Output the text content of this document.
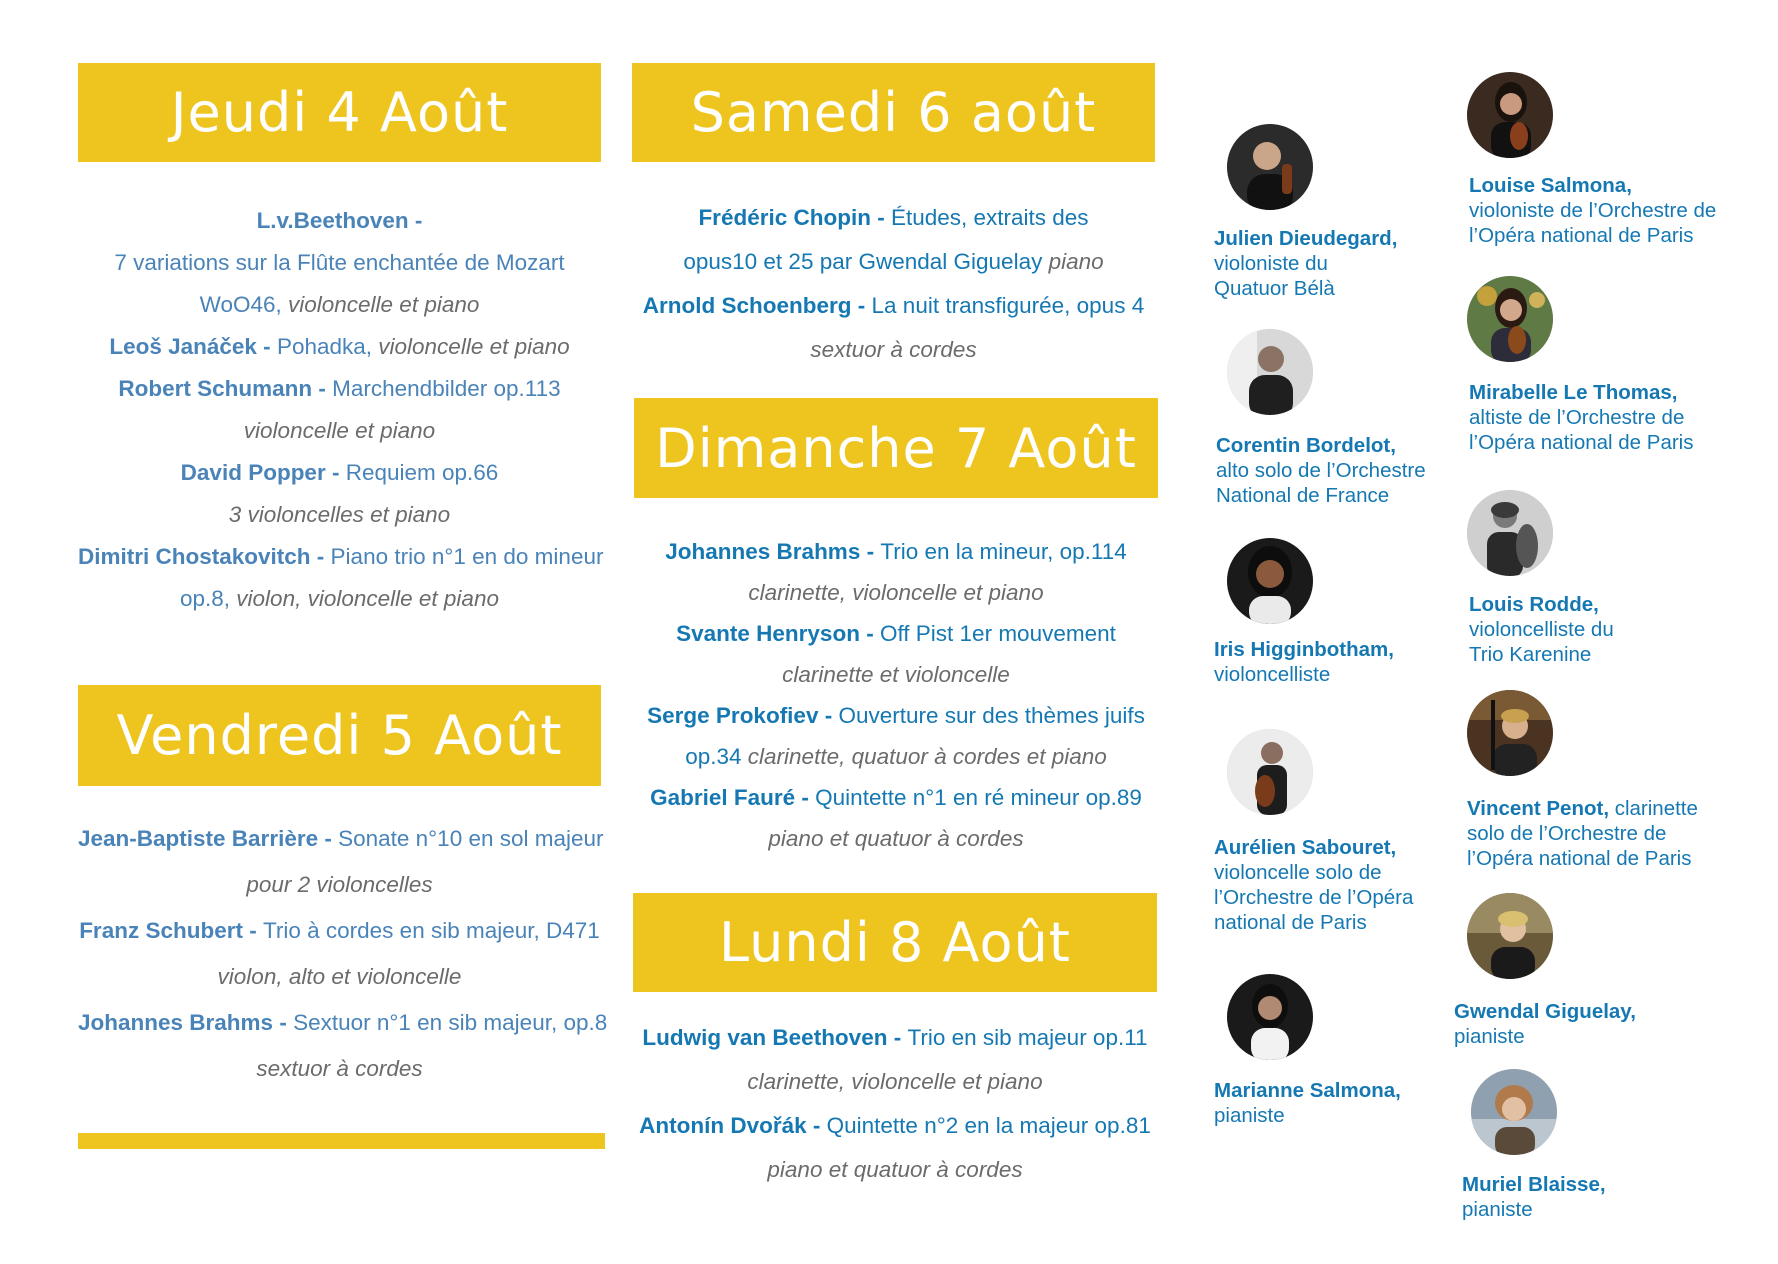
Jeudi 4 Août
L.v.Beethoven -
7 variations sur la Flûte enchantée de Mozart
WoO46, violoncelle et piano
Leoš Janáček - Pohadka, violoncelle et piano
Robert Schumann - Marchendbilder op.113
violoncelle et piano
David Popper - Requiem op.66
3 violoncelles et piano
Dimitri Chostakovitch - Piano trio n°1 en do mineur
op.8, violon, violoncelle et piano
Vendredi 5 Août
Jean-Baptiste Barrière - Sonate n°10 en sol majeur
pour 2 violoncelles
Franz Schubert - Trio à cordes en sib majeur, D471
violon, alto et violoncelle
Johannes Brahms - Sextuor n°1 en sib majeur, op.8
sextuor à cordes
Samedi 6 août
Frédéric Chopin - Études, extraits des
opus10 et 25 par Gwendal Giguelay piano
Arnold Schoenberg - La nuit transfigurée, opus 4
sextuor à cordes
Dimanche 7 Août
Johannes Brahms - Trio en la mineur, op.114
clarinette, violoncelle et piano
Svante Henryson - Off Pist 1er mouvement
clarinette et violoncelle
Serge Prokofiev - Ouverture sur des thèmes juifs
op.34 clarinette, quatuor à cordes et piano
Gabriel Fauré - Quintette n°1 en ré mineur op.89
piano et quatuor à cordes
Lundi 8 Août
Ludwig van Beethoven - Trio en sib majeur op.11
clarinette, violoncelle et piano
Antonín Dvořák - Quintette n°2 en la majeur op.81
piano et quatuor à cordes
Julien Dieudegard,
violoniste du
Quatuor Bélà
Corentin Bordelot,
alto solo de l’Orchestre
National de France
Iris Higginbotham,
violoncelliste
Aurélien Sabouret,
violoncelle solo de
l’Orchestre de l’Opéra
national de Paris
Marianne Salmona,
pianiste
Louise Salmona,
violoniste de l’Orchestre de
l’Opéra national de Paris
Mirabelle Le Thomas,
altiste de l’Orchestre de
l’Opéra national de Paris
Louis Rodde,
violoncelliste du
Trio Karenine
Vincent Penot, clarinette
solo de l’Orchestre de
l’Opéra national de Paris
Gwendal Giguelay,
pianiste
Muriel Blaisse,
pianiste
